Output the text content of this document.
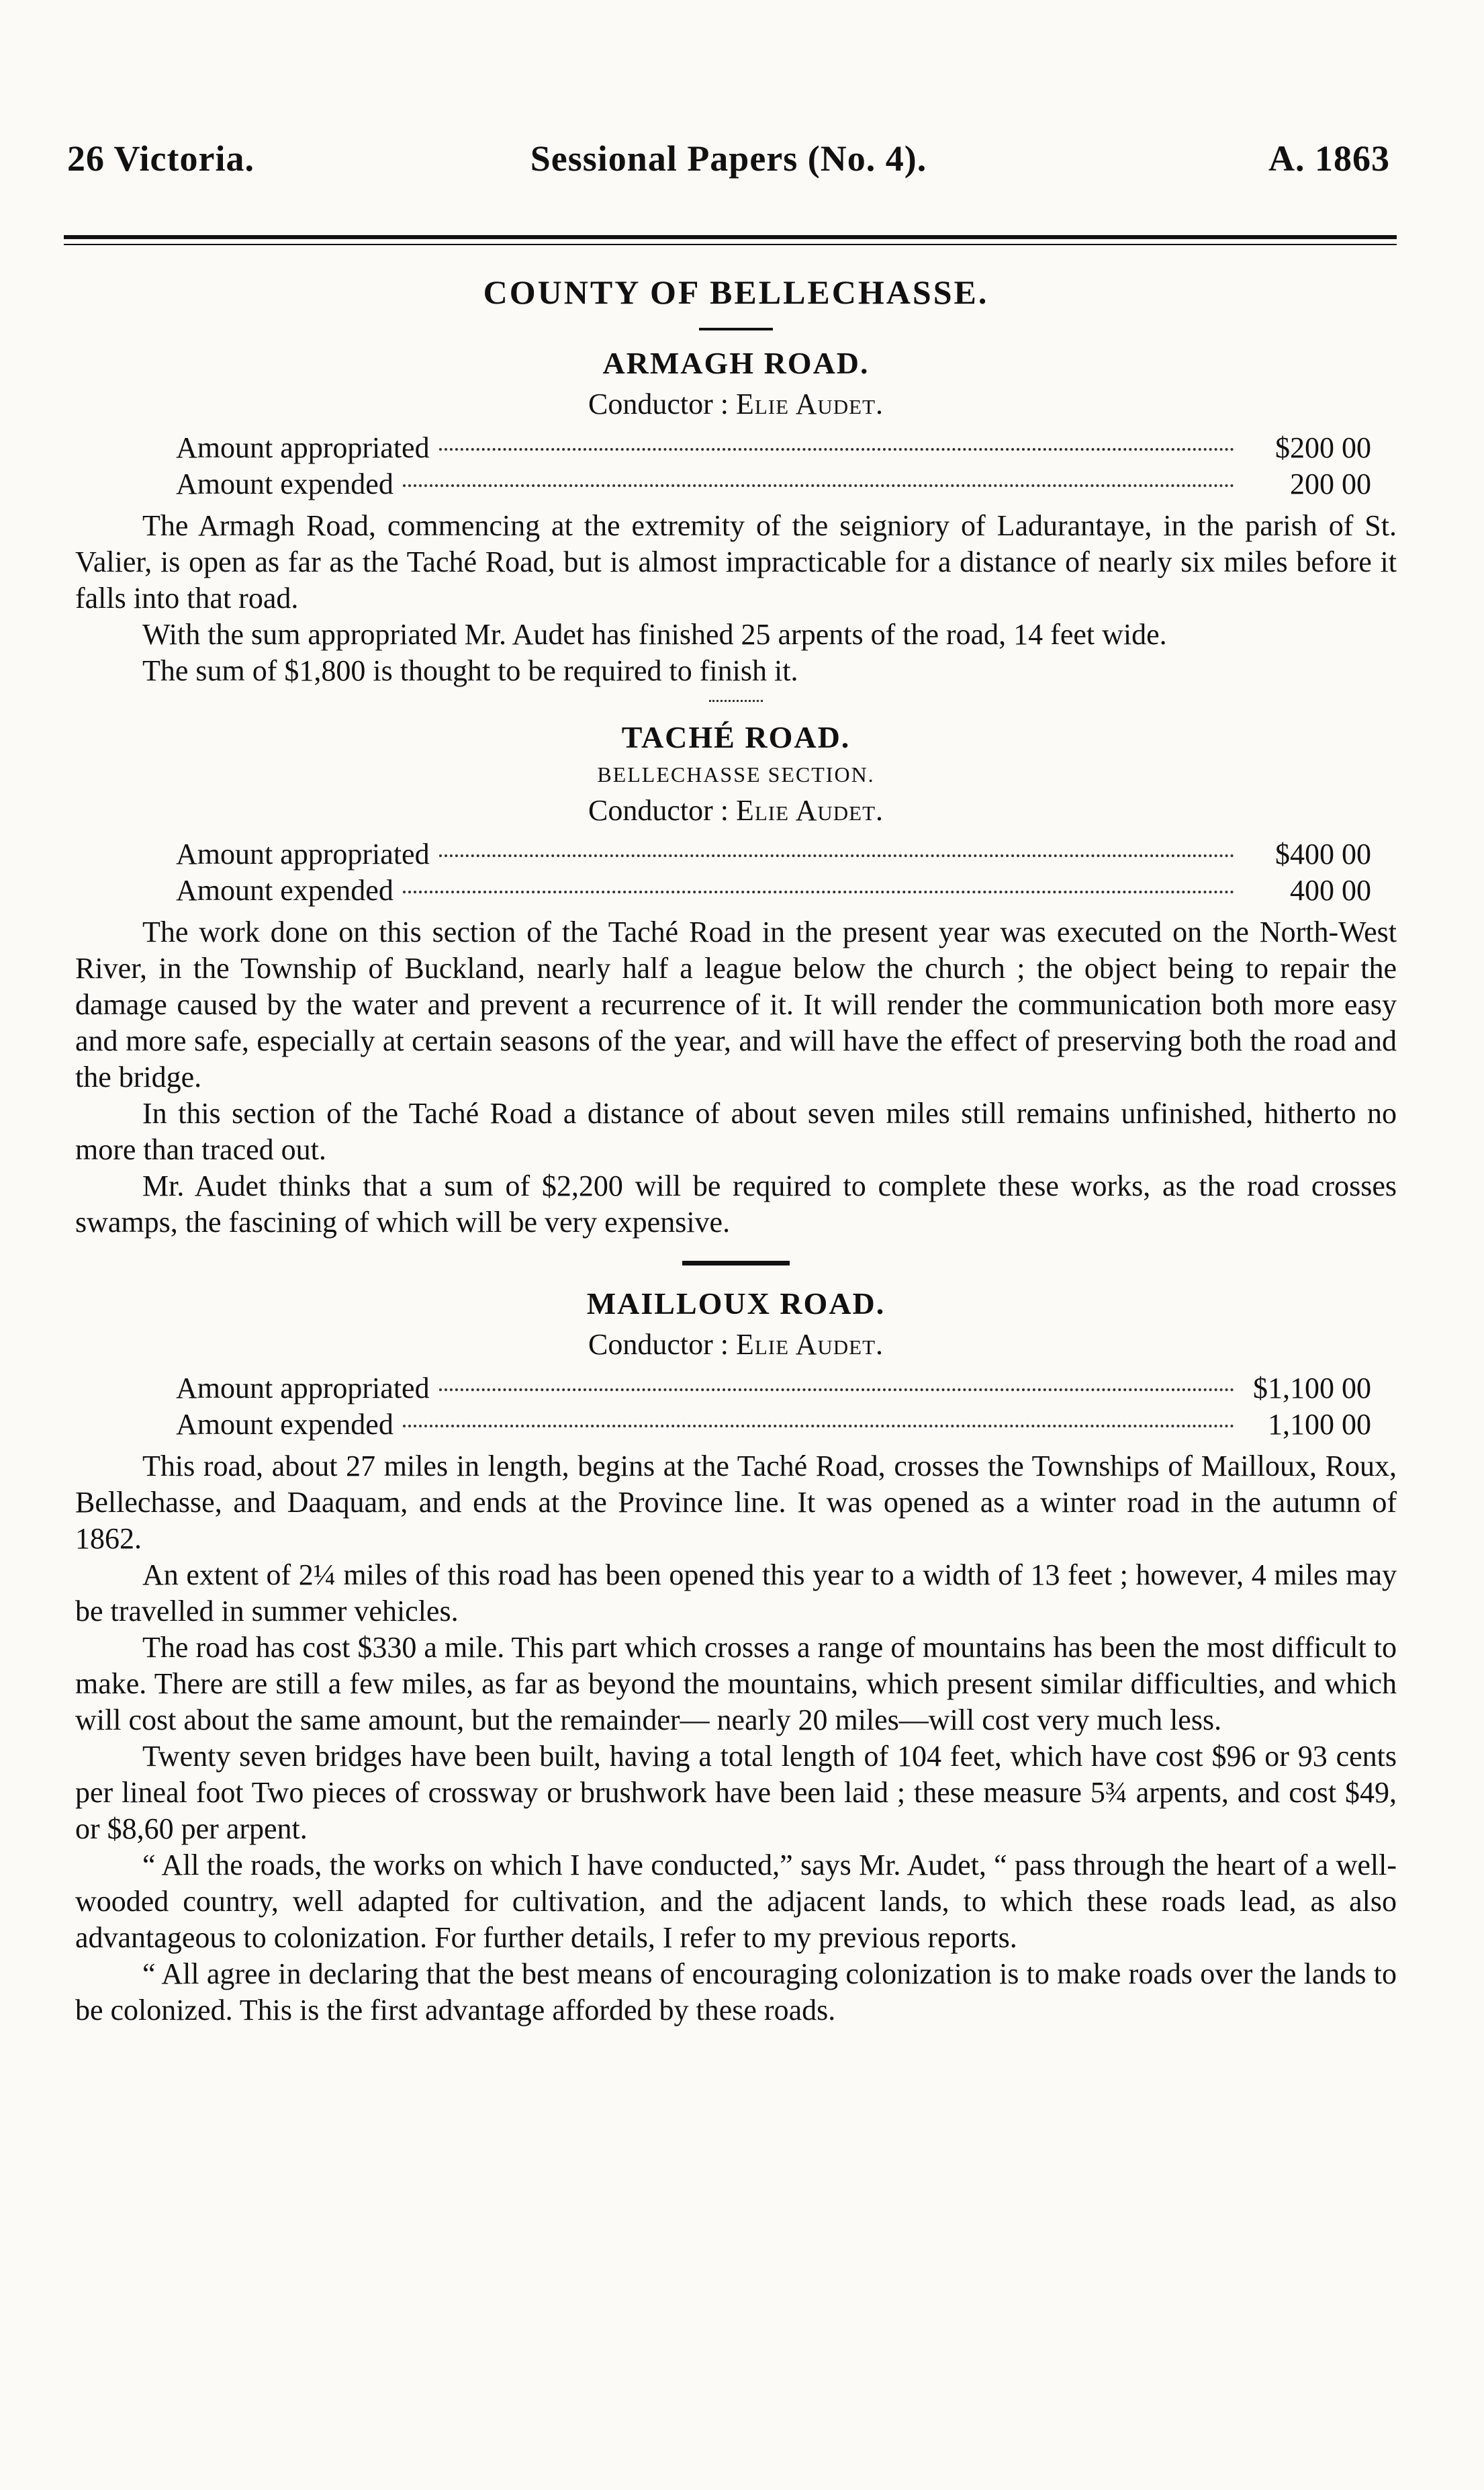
26 Victoria.	Sessional Papers (No. 4).	A. 1863
COUNTY OF BELLECHASSE.
ARMAGH ROAD.

Conductor : Elie Audet.

Amount appropriated	$200 00
Amount expended	200 00

The Armagh Road, commencing at the extremity of the seigniory of Ladurantaye, in the parish of St. Valier, is open as far as the Taché Road, but is almost impracticable for a distance of nearly six miles before it falls into that road.

With the sum appropriated Mr. Audet has finished 25 arpents of the road, 14 feet wide.

The sum of $1,800 is thought to be required to finish it.

TACHÉ ROAD.

BELLECHASSE SECTION.

Conductor : Elie Audet.

Amount appropriated	$400 00
Amount expended	400 00

The work done on this section of the Taché Road in the present year was executed on the North-West River, in the Township of Buckland, nearly half a league below the church ; the object being to repair the damage caused by the water and prevent a recurrence of it. It will render the communication both more easy and more safe, especially at certain seasons of the year, and will have the effect of preserving both the road and the bridge.

In this section of the Taché Road a distance of about seven miles still remains unfinished, hitherto no more than traced out.

Mr. Audet thinks that a sum of $2,200 will be required to complete these works, as the road crosses swamps, the fascining of which will be very expensive.

MAILLOUX ROAD.

Conductor : Elie Audet.

Amount appropriated	$1,100 00
Amount expended	1,100 00

This road, about 27 miles in length, begins at the Taché Road, crosses the Townships of Mailloux, Roux, Bellechasse, and Daaquam, and ends at the Province line. It was opened as a winter road in the autumn of 1862.

An extent of 2¼ miles of this road has been opened this year to a width of 13 feet ; however, 4 miles may be travelled in summer vehicles.

The road has cost $330 a mile. This part which crosses a range of mountains has been the most difficult to make. There are still a few miles, as far as beyond the mountains, which present similar difficulties, and which will cost about the same amount, but the remainder— nearly 20 miles—will cost very much less.

Twenty seven bridges have been built, having a total length of 104 feet, which have cost $96 or 93 cents per lineal foot Two pieces of crossway or brushwork have been laid ; these measure 5¾ arpents, and cost $49, or $8,60 per arpent.

“ All the roads, the works on which I have conducted,” says Mr. Audet, “ pass through the heart of a well-wooded country, well adapted for cultivation, and the adjacent lands, to which these roads lead, as also advantageous to colonization. For further details, I refer to my previous reports.

“ All agree in declaring that the best means of encouraging colonization is to make roads over the lands to be colonized. This is the first advantage afforded by these roads.
